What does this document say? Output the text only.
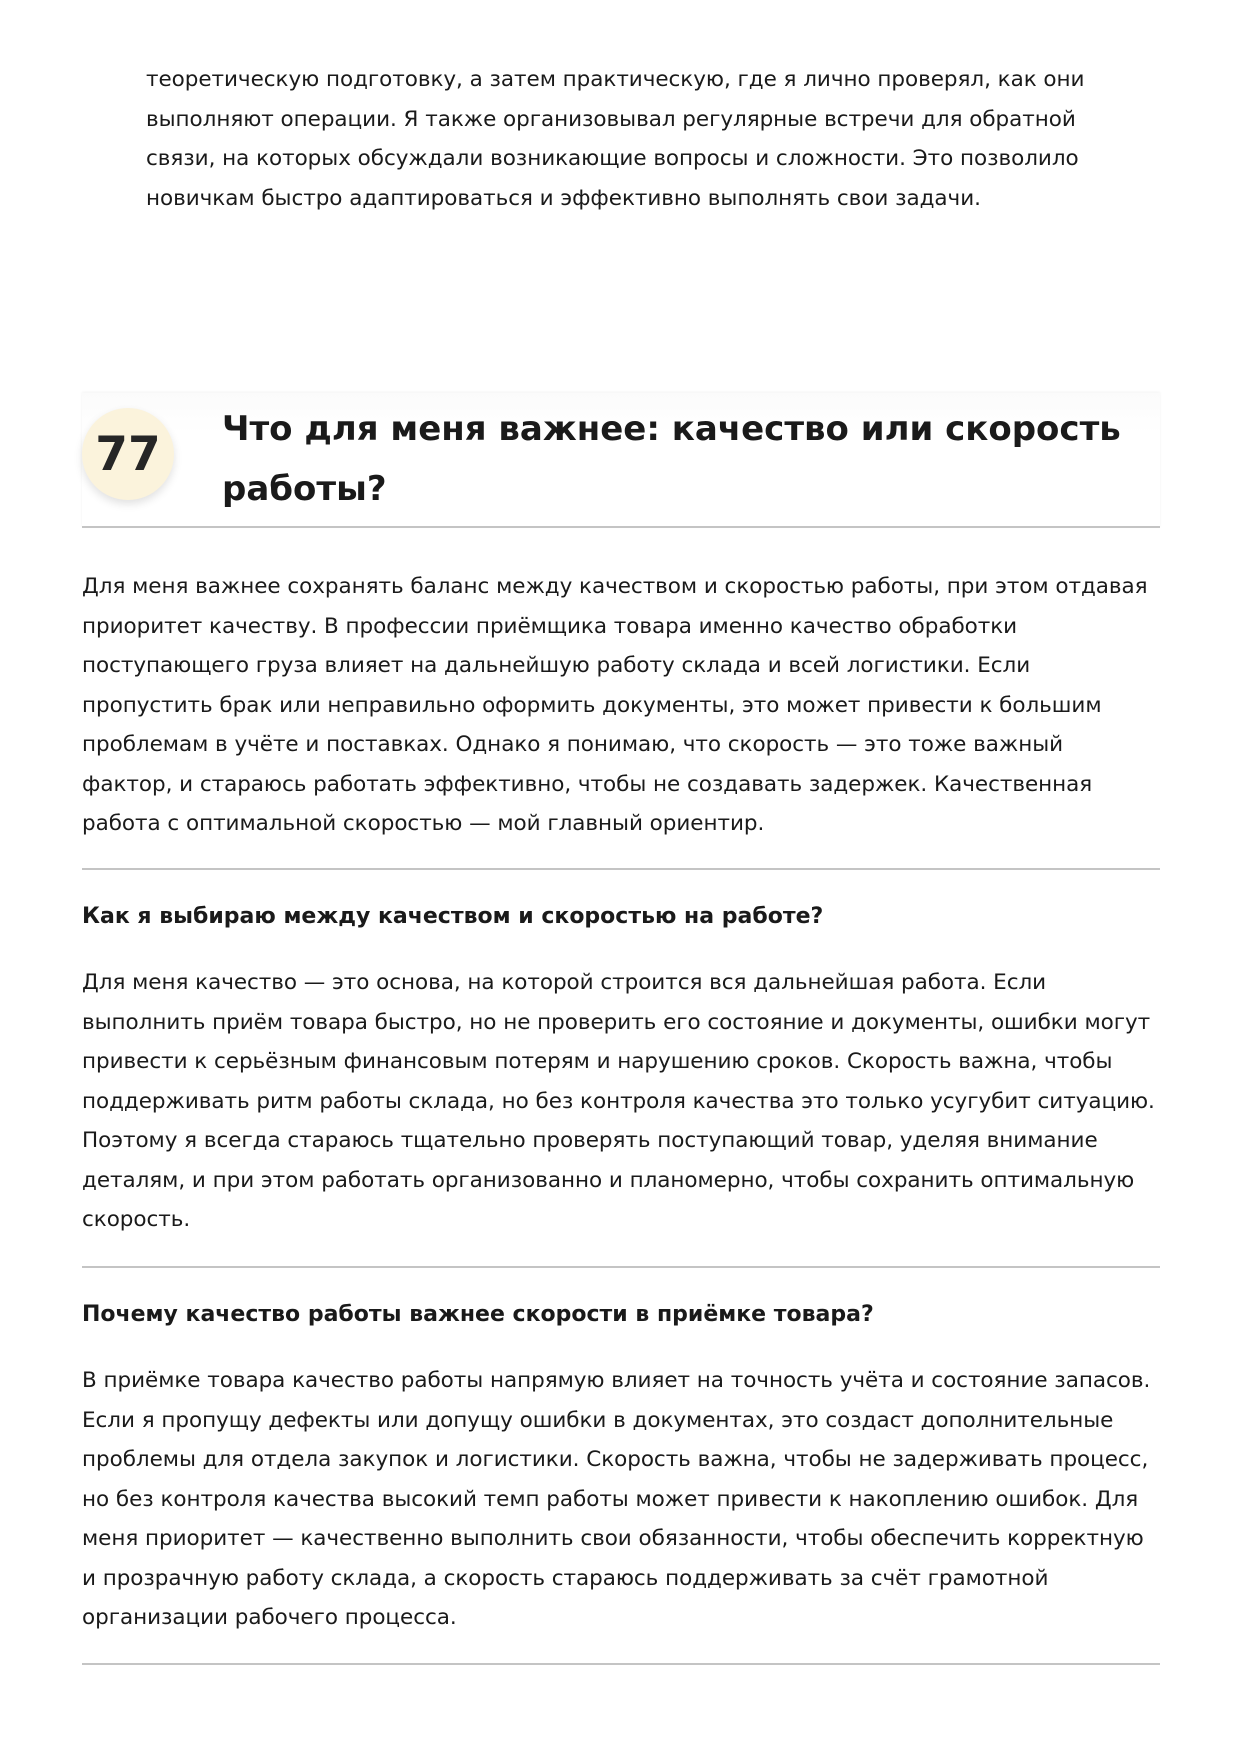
теоретическую подготовку, а затем практическую, где я лично проверял, как они выполняют операции. Я также организовывал регулярные встречи для обратной связи, на которых обсуждали возникающие вопросы и сложности. Это позволило новичкам быстро адаптироваться и эффективно выполнять свои задачи.

77	Что для меня важнее: качество или скорость работы?

Для меня важнее сохранять баланс между качеством и скоростью работы, при этом отдавая приоритет качеству. В профессии приёмщика товара именно качество обработки поступающего груза влияет на дальнейшую работу склада и всей логистики. Если пропустить брак или неправильно оформить документы, это может привести к большим проблемам в учёте и поставках. Однако я понимаю, что скорость — это тоже важный фактор, и стараюсь работать эффективно, чтобы не создавать задержек. Качественная работа с оптимальной скоростью — мой главный ориентир.

Как я выбираю между качеством и скоростью на работе?

Для меня качество — это основа, на которой строится вся дальнейшая работа. Если выполнить приём товара быстро, но не проверить его состояние и документы, ошибки могут привести к серьёзным финансовым потерям и нарушению сроков. Скорость важна, чтобы поддерживать ритм работы склада, но без контроля качества это только усугубит ситуацию. Поэтому я всегда стараюсь тщательно проверять поступающий товар, уделяя внимание деталям, и при этом работать организованно и планомерно, чтобы сохранить оптимальную скорость.

Почему качество работы важнее скорости в приёмке товара?

В приёмке товара качество работы напрямую влияет на точность учёта и состояние запасов. Если я пропущу дефекты или допущу ошибки в документах, это создаст дополнительные проблемы для отдела закупок и логистики. Скорость важна, чтобы не задерживать процесс, но без контроля качества высокий темп работы может привести к накоплению ошибок. Для меня приоритет — качественно выполнить свои обязанности, чтобы обеспечить корректную и прозрачную работу склада, а скорость стараюсь поддерживать за счёт грамотной организации рабочего процесса.
